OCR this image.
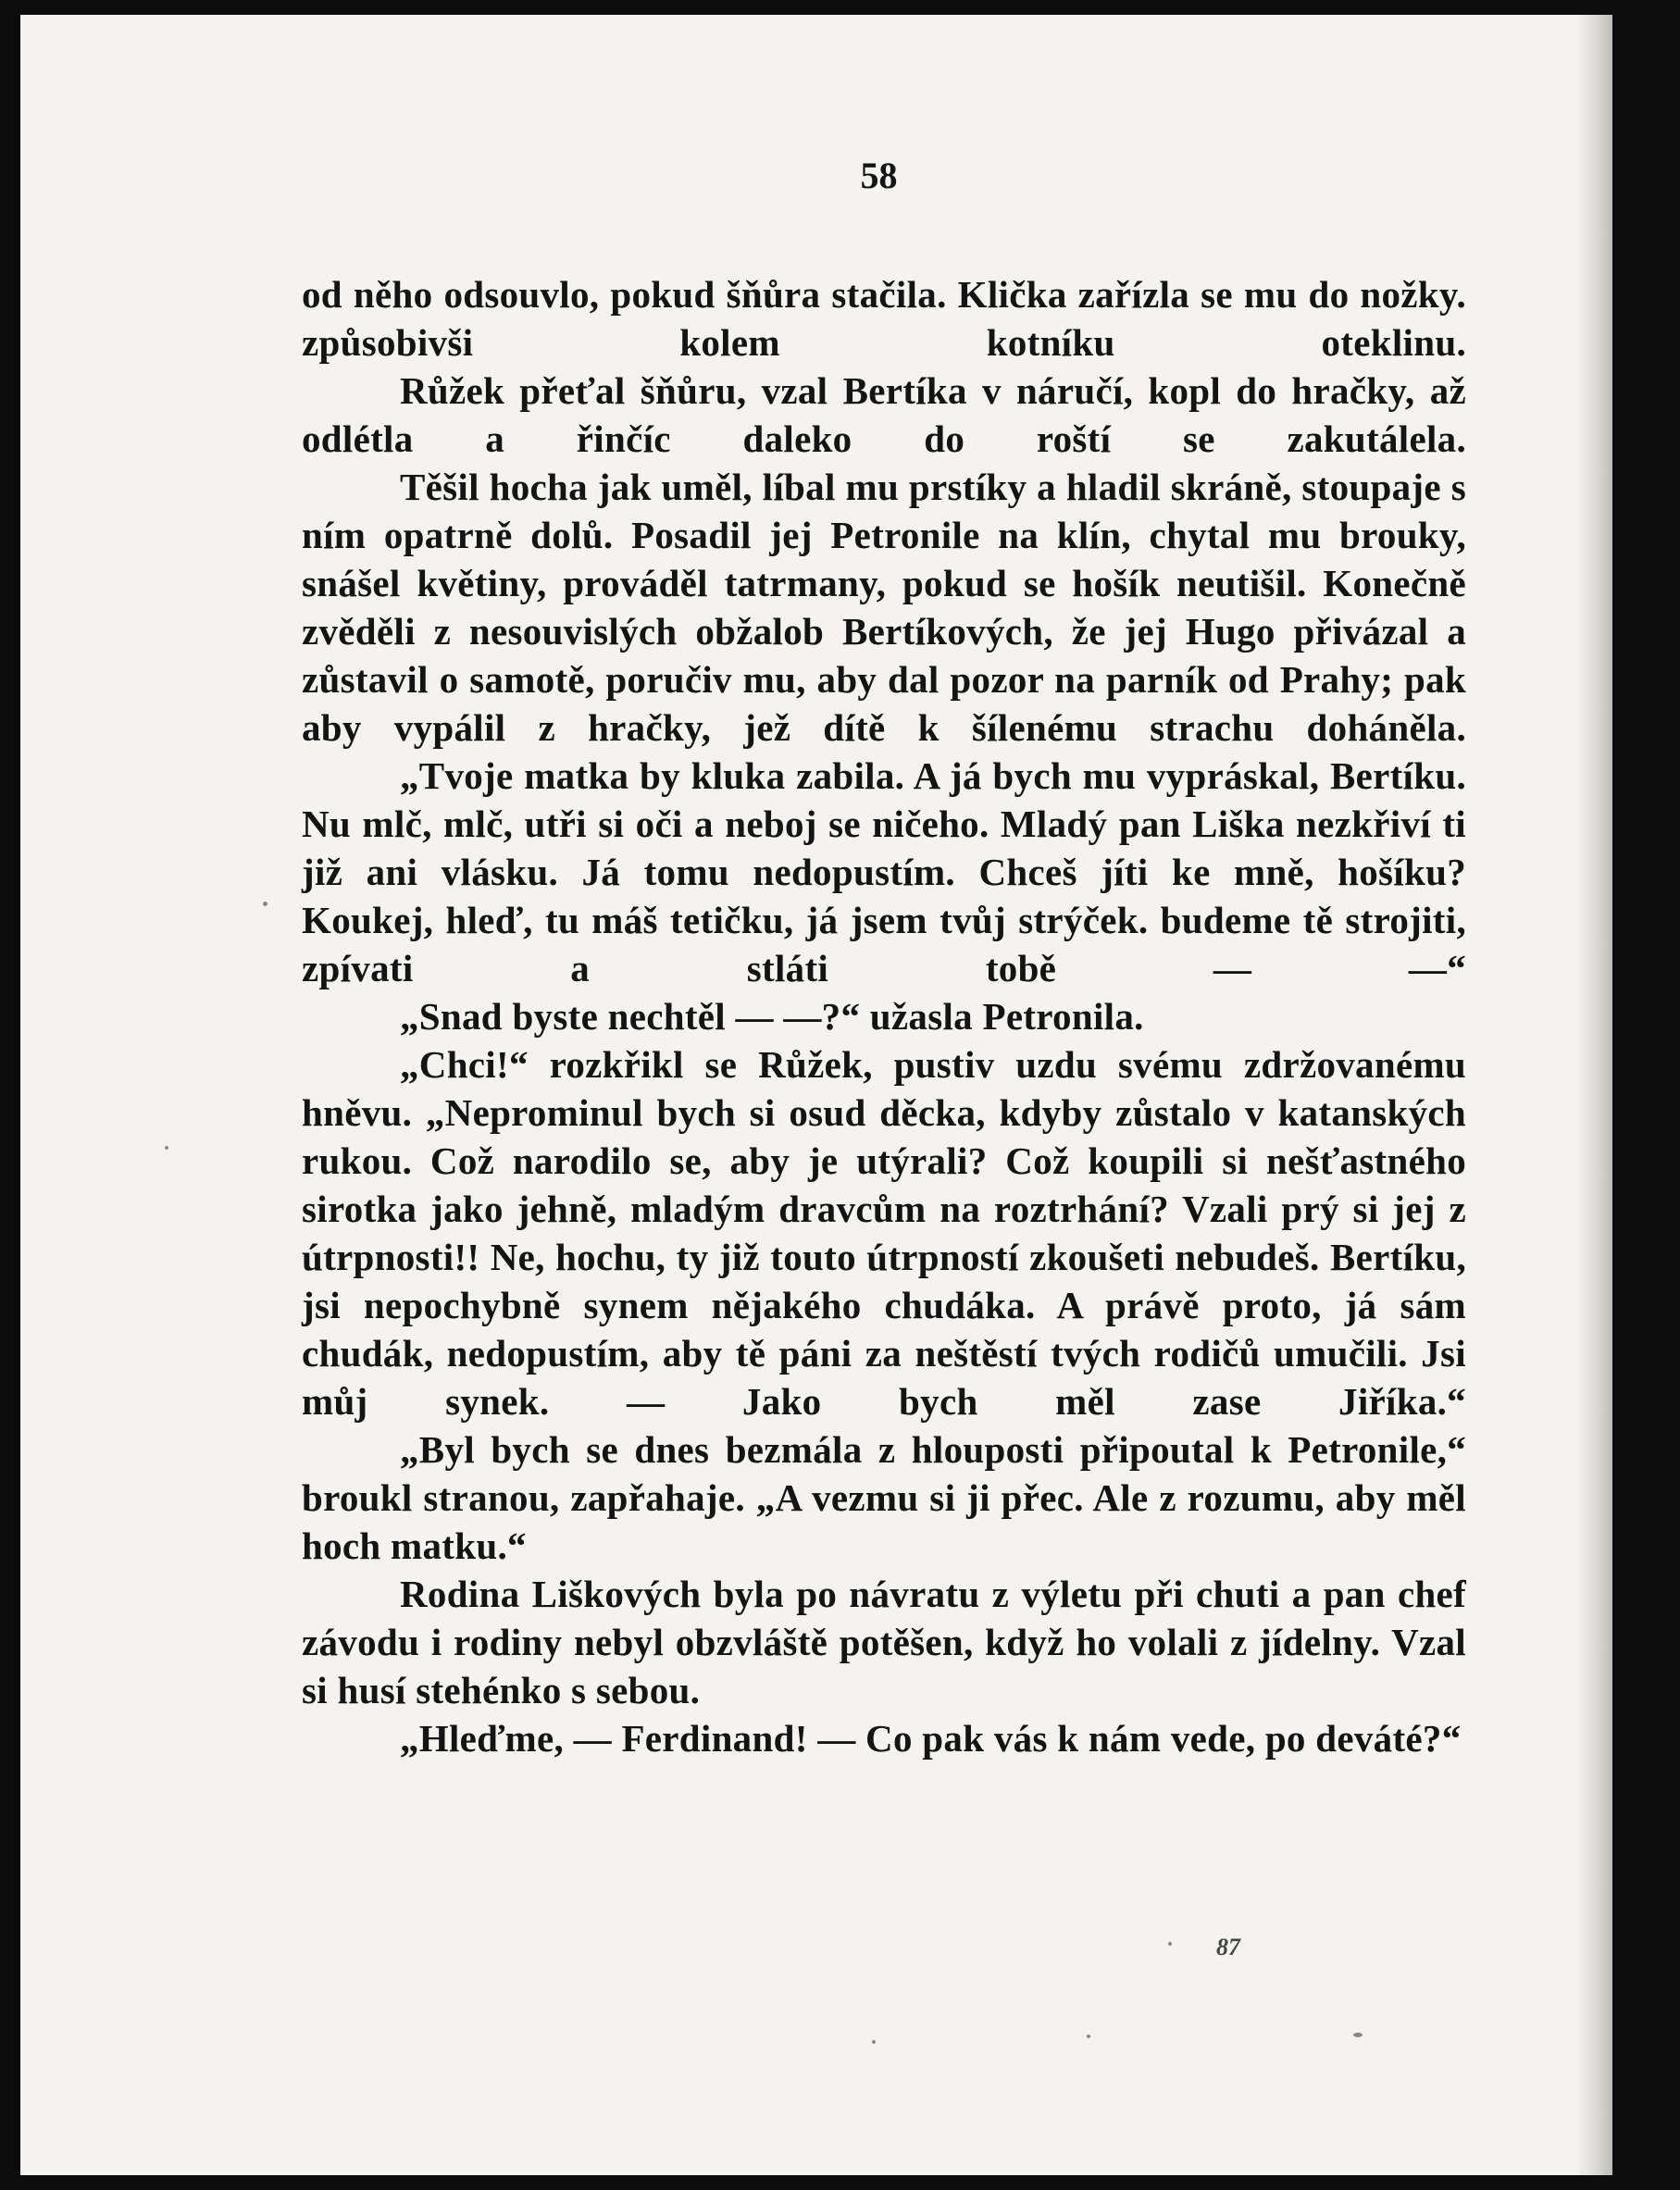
58

od něho odsouvlo, pokud šňůra stačila. Klička zařízla se mu do nožky. způsobivši kolem kotníku oteklinu.

Růžek přeťal šňůru, vzal Bertíka v náručí, kopl do hračky, až odlétla a řinčíc daleko do roští se zakutálela.

Těšil hocha jak uměl, líbal mu prstíky a hladil skráně, stoupaje s ním opatrně dolů. Posadil jej Petronile na klín, chytal mu brouky, snášel květiny, prováděl tatrmany, pokud se hošík neutišil. Konečně zvěděli z nesouvislých obžalob Bertíkových, že jej Hugo přivázal a zůstavil o samotě, poručiv mu, aby dal pozor na parník od Prahy; pak aby vypálil z hračky, jež dítě k šílenému strachu doháněla.

„Tvoje matka by kluka zabila. A já bych mu vypráskal, Bertíku. Nu mlč, mlč, utři si oči a neboj se ničeho. Mladý pan Liška nezkřiví ti již ani vlásku. Já tomu nedopustím. Chceš jíti ke mně, hošíku? Koukej, hleď, tu máš tetičku, já jsem tvůj strýček. budeme tě strojiti, zpívati a stláti tobě — —“

„Snad byste nechtěl — —?“ užasla Petronila.

„Chci!“ rozkřikl se Růžek, pustiv uzdu svému zdržovanému hněvu. „Neprominul bych si osud děcka, kdyby zůstalo v katanských rukou. Což narodilo se, aby je utýrali? Což koupili si nešťastného sirotka jako jehně, mladým dravcům na roztrhání? Vzali prý si jej z útrpnosti!! Ne, hochu, ty již touto útrpností zkoušeti nebudeš. Bertíku, jsi nepochybně synem nějakého chudáka. A právě proto, já sám chudák, nedopustím, aby tě páni za neštěstí tvých rodičů umučili. Jsi můj synek. — Jako bych měl zase Jiříka.“

„Byl bych se dnes bezmála z hlouposti připoutal k Petronile,“ broukl stranou, zapřahaje. „A vezmu si ji přec. Ale z rozumu, aby měl hoch matku.“

Rodina Liškových byla po návratu z výletu při chuti a pan chef závodu i rodiny nebyl obzvláště potěšen, když ho volali z jídelny. Vzal si husí stehénko s sebou.

„Hleďme, — Ferdinand! — Co pak vás k nám vede, po deváté?“

87
